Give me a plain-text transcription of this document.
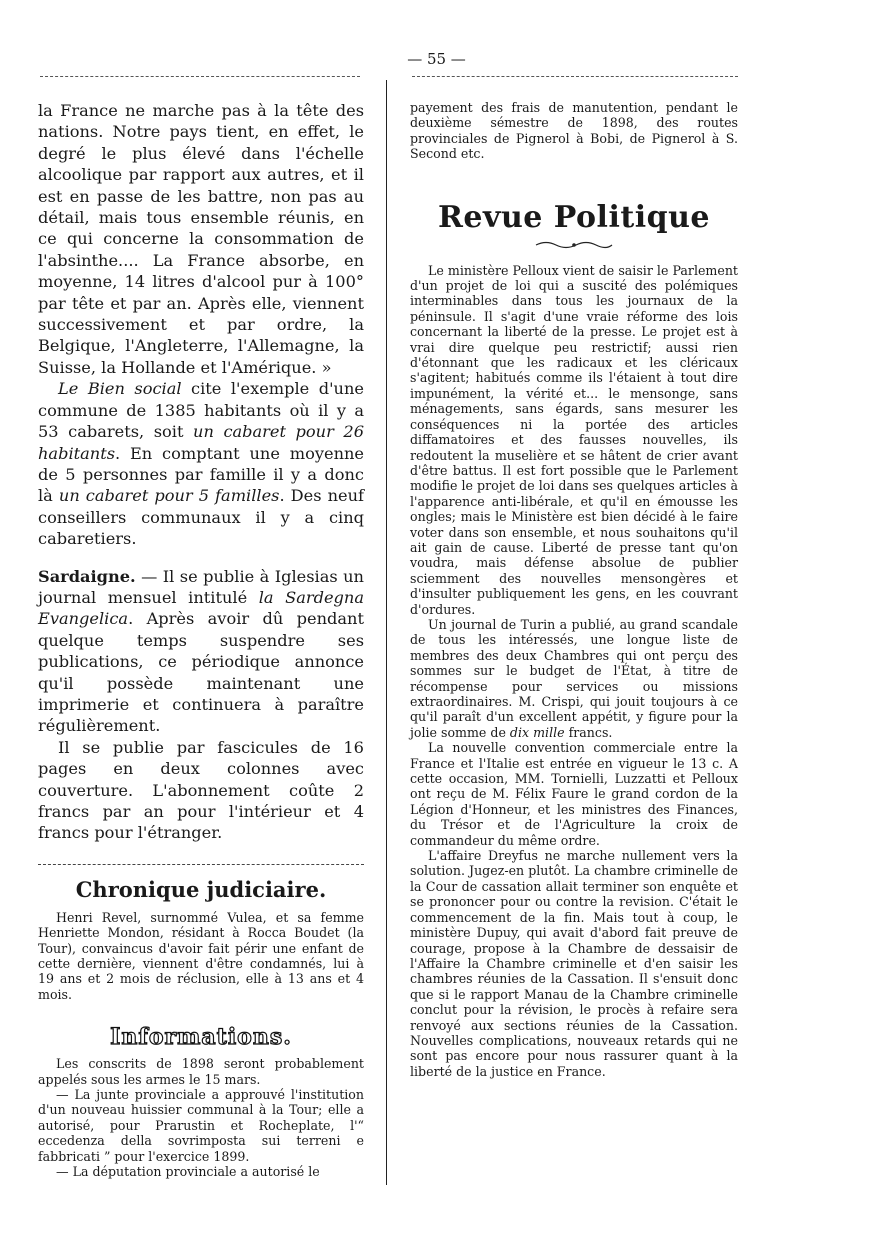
— 55 —

la France ne marche pas à la tête des nations. Notre pays tient, en effet, le degré le plus élevé dans l'échelle alcoolique par rapport aux autres, et il est en passe de les battre, non pas au détail, mais tous ensemble réunis, en ce qui concerne la consommation de l'absinthe.... La France absorbe, en moyenne, 14 litres d'alcool pur à 100° par tête et par an. Après elle, viennent successivement et par ordre, la Belgique, l'Angleterre, l'Allemagne, la Suisse, la Hollande et l'Amérique. »

Le Bien social cite l'exemple d'une commune de 1385 habitants où il y a 53 cabarets, soit un cabaret pour 26 habitants. En comptant une moyenne de 5 personnes par famille il y a donc là un cabaret pour 5 familles. Des neuf conseillers communaux il y a cinq cabaretiers.

Sardaigne. — Il se publie à Iglesias un journal mensuel intitulé la Sardegna Evangelica. Après avoir dû pendant quelque temps suspendre ses publications, ce périodique annonce qu'il possède maintenant une imprimerie et continuera à paraître régulièrement.

Il se publie par fascicules de 16 pages en deux colonnes avec couverture. L'abonnement coûte 2 francs par an pour l'intérieur et 4 francs pour l'étranger.

Chronique judiciaire.

Henri Revel, surnommé Vulea, et sa femme Henriette Mondon, résidant à Rocca Boudet (la Tour), convaincus d'avoir fait périr une enfant de cette dernière, viennent d'être condamnés, lui à 19 ans et 2 mois de réclusion, elle à 13 ans et 4 mois.

Informations.

Les conscrits de 1898 seront probablement appelés sous les armes le 15 mars.

— La junte provinciale a approuvé l'institution d'un nouveau huissier communal à la Tour; elle a autorisé, pour Prarustin et Rocheplate, l'“ eccedenza della sovrimposta sui terreni e fabbricati ” pour l'exercice 1899.

— La députation provinciale a autorisé le

payement des frais de manutention, pendant le deuxième sémestre de 1898, des routes provinciales de Pignerol à Bobi, de Pignerol à S. Second etc.

Revue Politique

Le ministère Pelloux vient de saisir le Parlement d'un projet de loi qui a suscité des polémiques interminables dans tous les journaux de la péninsule. Il s'agit d'une vraie réforme des lois concernant la liberté de la presse. Le projet est à vrai dire quelque peu restrictif; aussi rien d'étonnant que les radicaux et les cléricaux s'agitent; habitués comme ils l'étaient à tout dire impunément, la vérité et... le mensonge, sans ménagements, sans égards, sans mesurer les conséquences ni la portée des articles diffamatoires et des fausses nouvelles, ils redoutent la muselière et se hâtent de crier avant d'être battus. Il est fort possible que le Parlement modifie le projet de loi dans ses quelques articles à l'apparence anti-libérale, et qu'il en émousse les ongles; mais le Ministère est bien décidé à le faire voter dans son ensemble, et nous souhaitons qu'il ait gain de cause. Liberté de presse tant qu'on voudra, mais défense absolue de publier sciemment des nouvelles mensongères et d'insulter publiquement les gens, en les couvrant d'ordures.

Un journal de Turin a publié, au grand scandale de tous les intéressés, une longue liste de membres des deux Chambres qui ont perçu des sommes sur le budget de l'État, à titre de récompense pour services ou missions extraordinaires. M. Crispi, qui jouit toujours à ce qu'il paraît d'un excellent appétit, y figure pour la jolie somme de dix mille francs.

La nouvelle convention commerciale entre la France et l'Italie est entrée en vigueur le 13 c. A cette occasion, MM. Tornielli, Luzzatti et Pelloux ont reçu de M. Félix Faure le grand cordon de la Légion d'Honneur, et les ministres des Finances, du Trésor et de l'Agriculture la croix de commandeur du même ordre.

L'affaire Dreyfus ne marche nullement vers la solution. Jugez-en plutôt. La chambre criminelle de la Cour de cassation allait terminer son enquête et se prononcer pour ou contre la revision. C'était le commencement de la fin. Mais tout à coup, le ministère Dupuy, qui avait d'abord fait preuve de courage, propose à la Chambre de dessaisir de l'Affaire la Chambre criminelle et d'en saisir les chambres réunies de la Cassation. Il s'ensuit donc que si le rapport Manau de la Chambre criminelle conclut pour la révision, le procès à refaire sera renvoyé aux sections réunies de la Cassation. Nouvelles complications, nouveaux retards qui ne sont pas encore pour nous rassurer quant à la liberté de la justice en France.
